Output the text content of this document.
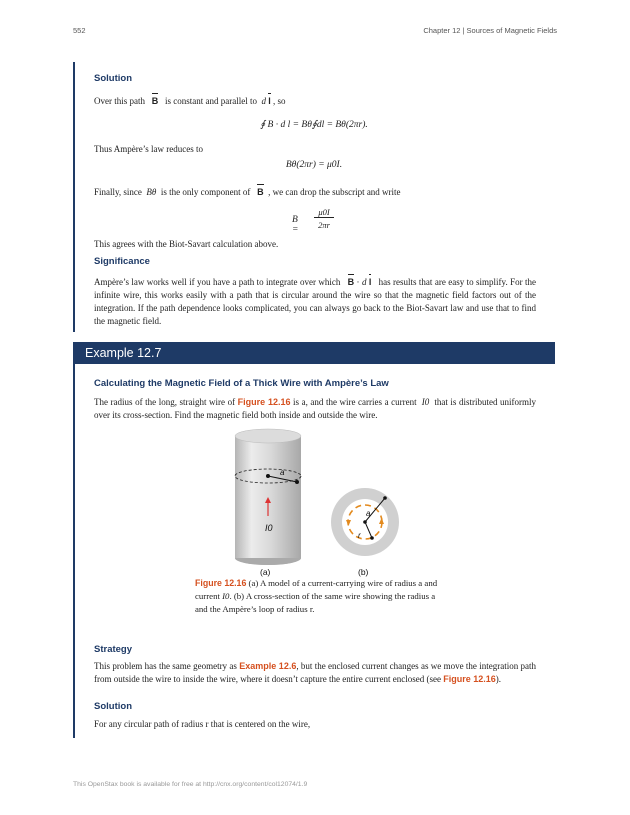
552	Chapter 12 | Sources of Magnetic Fields
Solution
Over this path B is constant and parallel to d l , so
∮ B · d l = Bθ∮dl = Bθ(2πr).
Thus Ampère’s law reduces to
Bθ(2πr) = μ0I.
Finally, since Bθ is the only component of B , we can drop the subscript and write
B =
μ0I
2πr
This agrees with the Biot-Savart calculation above.
Significance
Ampère’s law works well if you have a path to integrate over which B · d l has results that are easy to simplify. For the infinite wire, this works easily with a path that is circular around the wire so that the magnetic field factors out of the integration. If the path dependence looks complicated, you can always go back to the Biot-Savart law and use that to find the magnetic field.
Example 12.7
Calculating the Magnetic Field of a Thick Wire with Ampère’s Law
The radius of the long, straight wire of Figure 12.16 is a, and the wire carries a current I0 that is distributed uniformly over its cross-section. Find the magnetic field both inside and outside the wire.
a
I0
a
r
(a)	(b)
Figure 12.16 (a) A model of a current-carrying wire of radius a and current I0. (b) A cross-section of the same wire showing the radius a and the Ampère’s loop of radius r.
Strategy
This problem has the same geometry as Example 12.6, but the enclosed current changes as we move the integration path from outside the wire to inside the wire, where it doesn’t capture the entire current enclosed (see Figure 12.16).
Solution
For any circular path of radius r that is centered on the wire,
This OpenStax book is available for free at http://cnx.org/content/col12074/1.9
